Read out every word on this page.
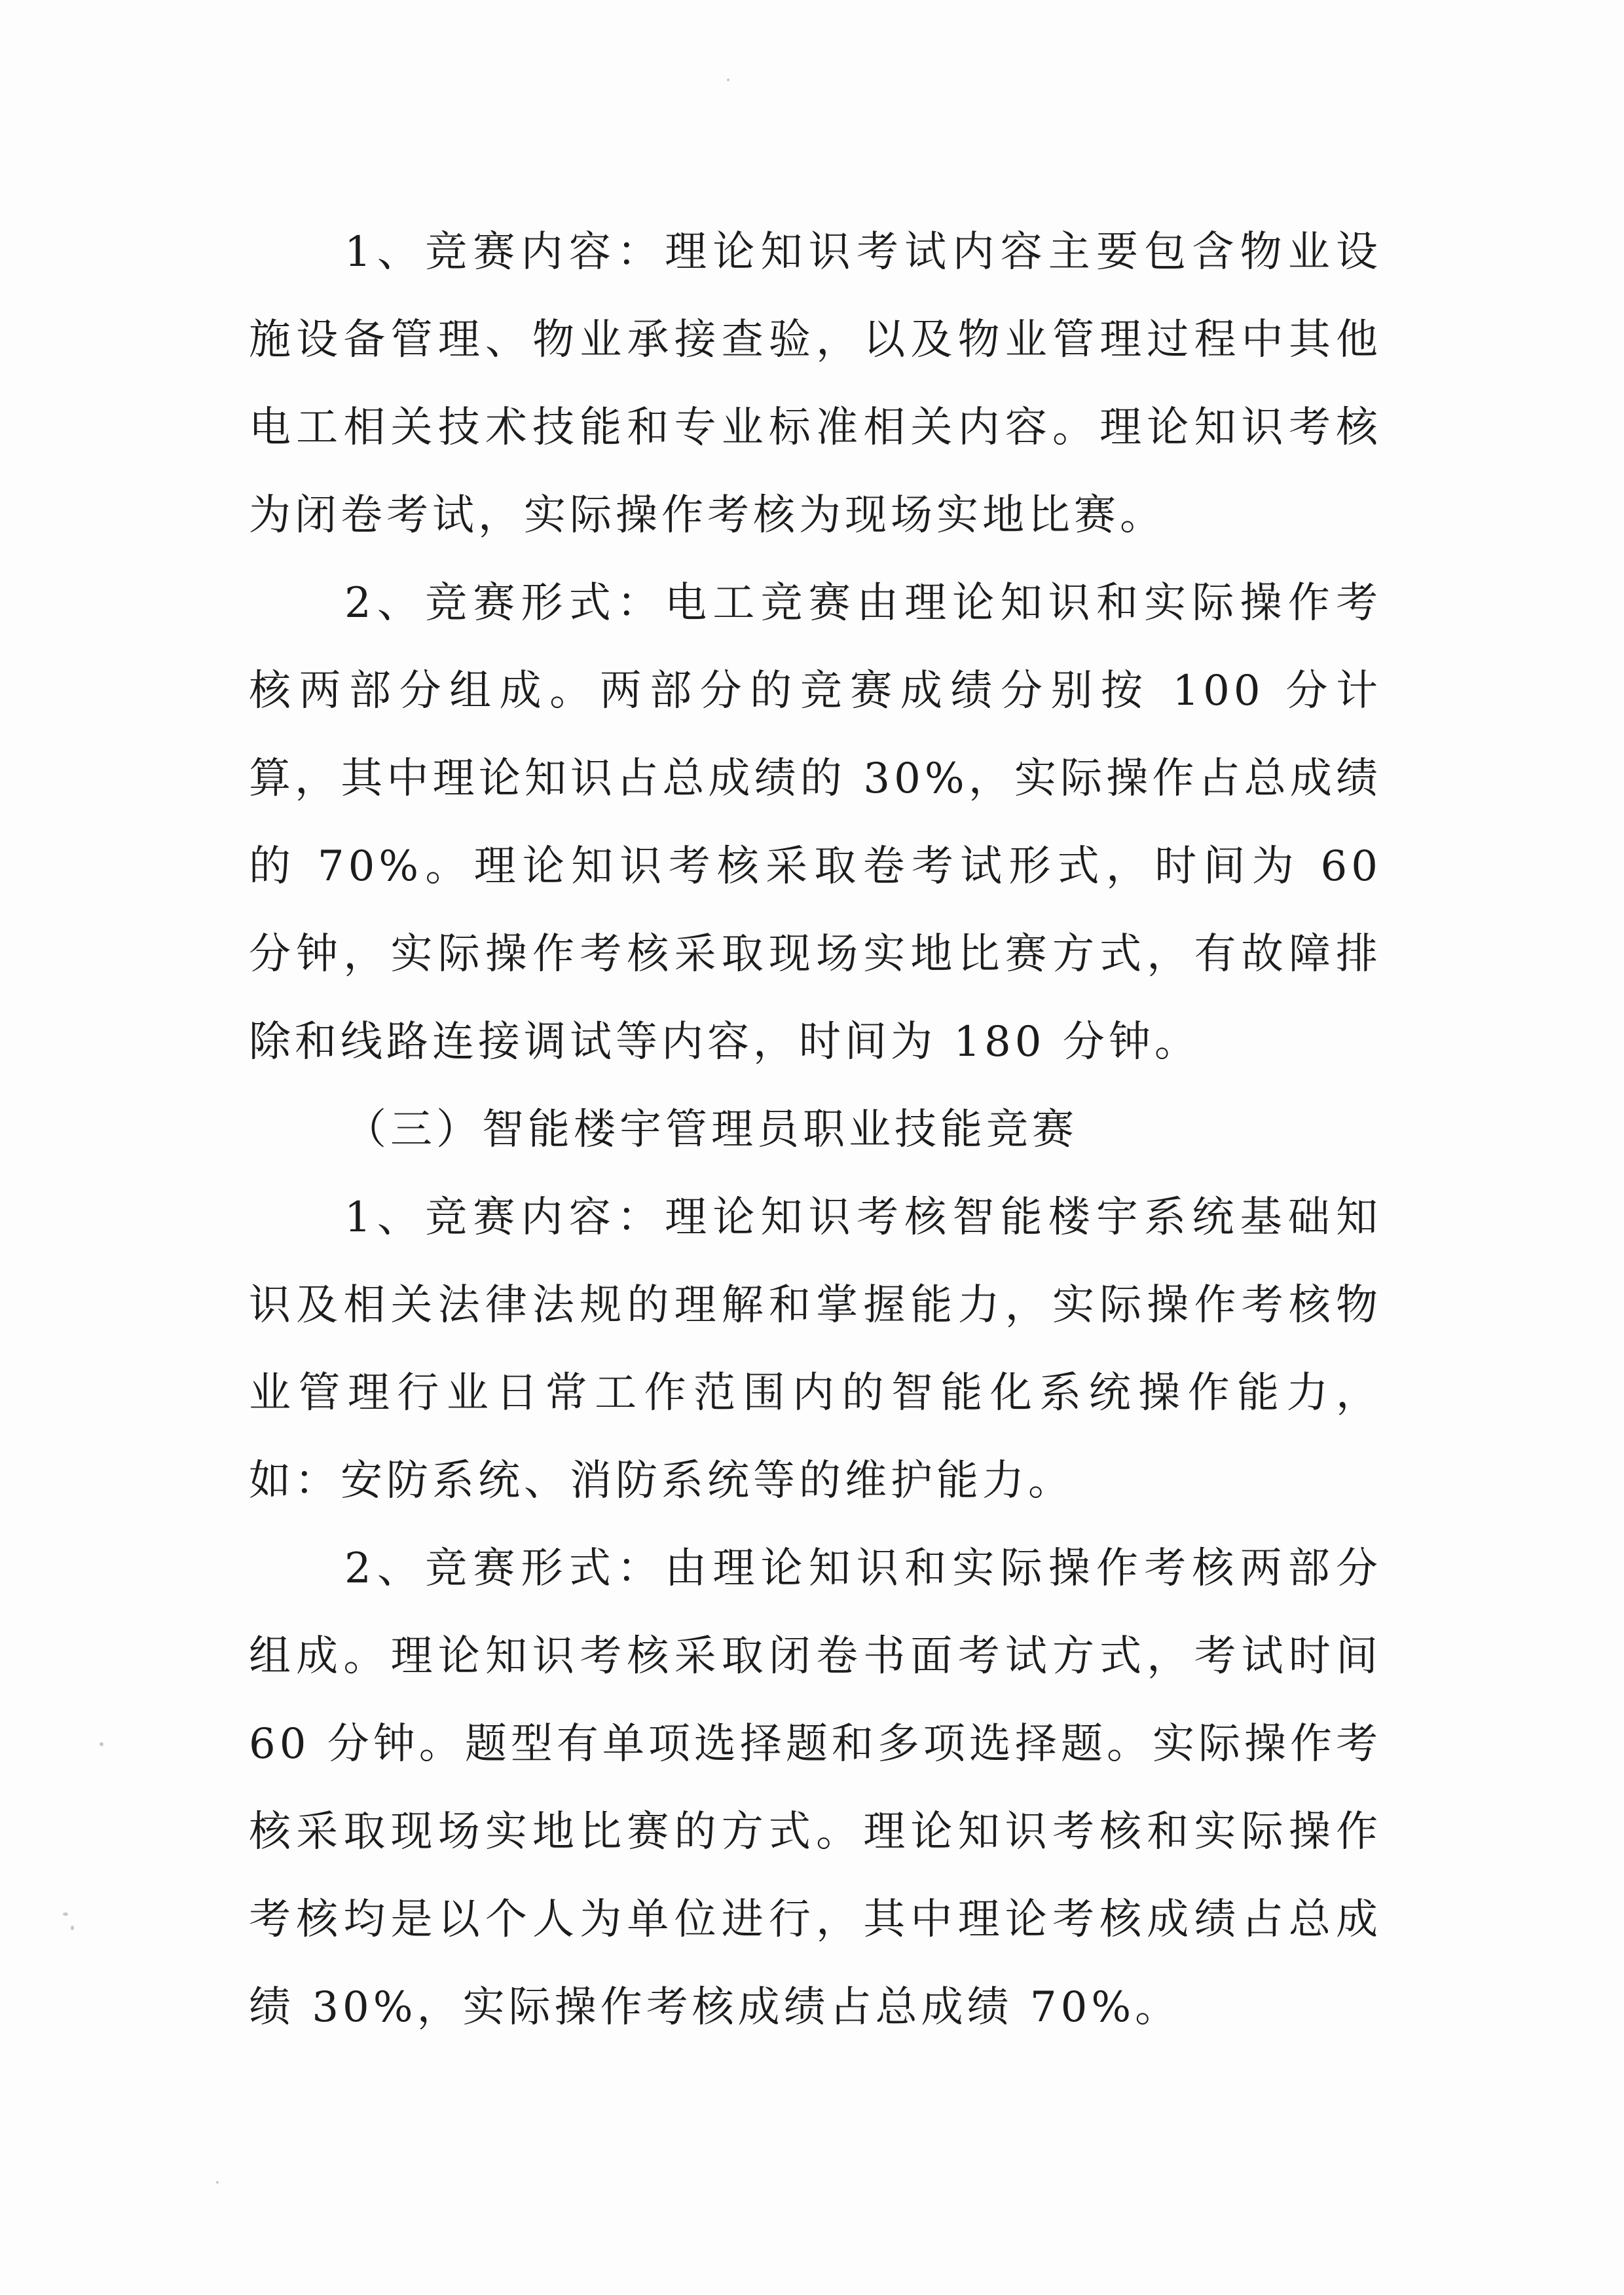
1、竞赛内容：理论知识考试内容主要包含物业设施设备管理、物业承接查验，以及物业管理过程中其他电工相关技术技能和专业标准相关内容。理论知识考核为闭卷考试，实际操作考核为现场实地比赛。

2、竞赛形式：电工竞赛由理论知识和实际操作考核两部分组成。两部分的竞赛成绩分别按 100 分计算，其中理论知识占总成绩的 30%，实际操作占总成绩的 70%。理论知识考核采取卷考试形式，时间为 60 分钟，实际操作考核采取现场实地比赛方式，有故障排除和线路连接调试等内容，时间为 180 分钟。

（三）智能楼宇管理员职业技能竞赛

1、竞赛内容：理论知识考核智能楼宇系统基础知识及相关法律法规的理解和掌握能力，实际操作考核物业管理行业日常工作范围内的智能化系统操作能力，如：安防系统、消防系统等的维护能力。

2、竞赛形式：由理论知识和实际操作考核两部分组成。理论知识考核采取闭卷书面考试方式，考试时间 60 分钟。题型有单项选择题和多项选择题。实际操作考核采取现场实地比赛的方式。理论知识考核和实际操作考核均是以个人为单位进行，其中理论考核成绩占总成绩 30%，实际操作考核成绩占总成绩 70%。
